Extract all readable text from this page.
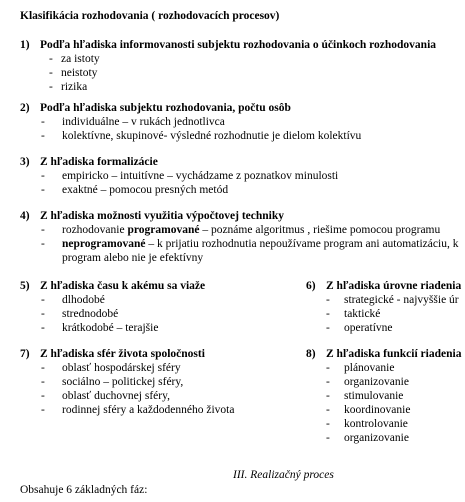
Klasifikácia rozhodovania ( rozhodovacích procesov)
1) Podľa hľadiska informovanosti subjektu rozhodovania o účinkoch rozhodovania
- za istoty
- neistoty
- rizika
2) Podľa hľadiska subjektu rozhodovania, počtu osôb
- individuálne – v rukách jednotlivca
- kolektívne, skupinové- výsledné rozhodnutie je dielom kolektívu
3) Z hľadiska formalizácie
- empiricko – intuitívne – vychádzame z poznatkov minulosti
- exaktné – pomocou presných metód
4) Z hľadiska možnosti využitia výpočtovej techniky
- rozhodovanie programované – poznáme algoritmus , riešime pomocou programu
- neprogramované – k prijatiu rozhodnutia nepoužívame program ani automatizáciu, k
program alebo nie je efektívny
5) Z hľadiska času k akému sa viaže
- dlhodobé
- strednodobé
- krátkodobé – terajšie
6) Z hľadiska úrovne riadenia
- strategické - najvyššie úr
- taktické
- operatívne
7) Z hľadiska sfér života spoločnosti
- oblasť hospodárskej sféry
- sociálno – politickej sféry,
- oblasť duchovnej sféry,
- rodinnej sféry a každodenného života
8) Z hľadiska funkcií riadenia
- plánovanie
- organizovanie
- stimulovanie
- koordinovanie
- kontrolovanie
- organizovanie
III. Realizačný proces
Obsahuje 6 základných fáz:
